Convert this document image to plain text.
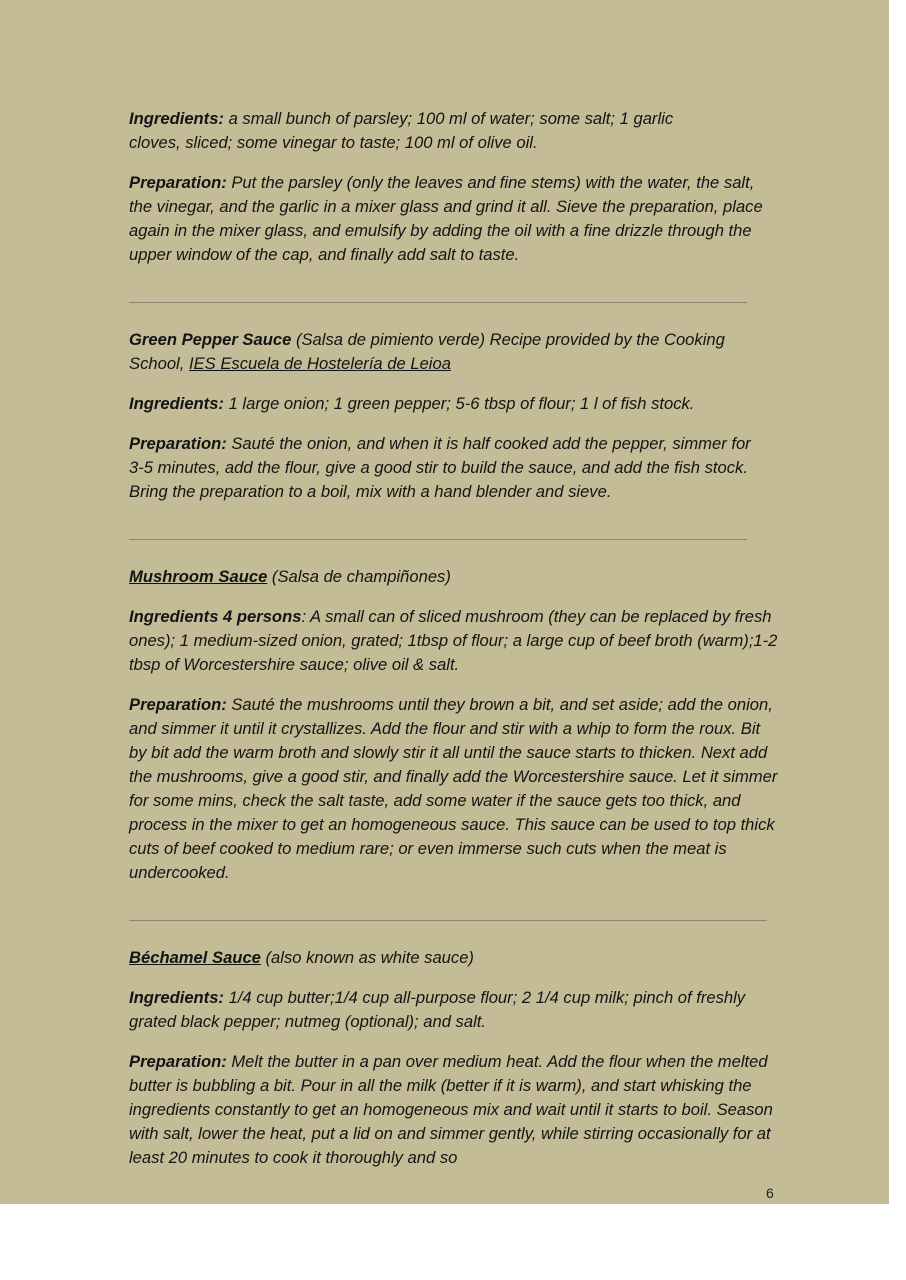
Ingredients: a small bunch of parsley; 100 ml of water; some salt; 1 garlic cloves, sliced; some vinegar to taste; 100 ml of olive oil.

Preparation: Put the parsley (only the leaves and fine stems) with the water, the salt, the vinegar, and the garlic in a mixer glass and grind it all. Sieve the preparation, place again in the mixer glass, and emulsify by adding the oil with a fine drizzle through the upper window of the cap, and finally add salt to taste.

Green Pepper Sauce (Salsa de pimiento verde) Recipe provided by the Cooking School, IES Escuela de Hostelería de Leioa

Ingredients: 1 large onion; 1 green pepper; 5-6 tbsp of flour; 1 l of fish stock.

Preparation: Sauté the onion, and when it is half cooked add the pepper, simmer for 3-5 minutes, add the flour, give a good stir to build the sauce, and add the fish stock. Bring the preparation to a boil, mix with a hand blender and sieve.

Mushroom Sauce (Salsa de champiñones)

Ingredients 4 persons: A small can of sliced mushroom (they can be replaced by fresh ones); 1 medium-sized onion, grated; 1tbsp of flour; a large cup of beef broth (warm);1-2 tbsp of Worcestershire sauce; olive oil & salt.

Preparation: Sauté the mushrooms until they brown a bit, and set aside; add the onion, and simmer it until it crystallizes. Add the flour and stir with a whip to form the roux. Bit by bit add the warm broth and slowly stir it all until the sauce starts to thicken. Next add the mushrooms, give a good stir, and finally add the Worcestershire sauce. Let it simmer for some mins, check the salt taste, add some water if the sauce gets too thick, and process in the mixer to get an homogeneous sauce. This sauce can be used to top thick cuts of beef cooked to medium rare; or even immerse such cuts when the meat is undercooked.

Béchamel Sauce (also known as white sauce)

Ingredients: 1/4 cup butter;1/4 cup all-purpose flour; 2 1/4 cup milk; pinch of freshly grated black pepper; nutmeg (optional); and salt.

Preparation: Melt the butter in a pan over medium heat. Add the flour when the melted butter is bubbling a bit. Pour in all the milk (better if it is warm), and start whisking the ingredients constantly to get an homogeneous mix and wait until it starts to boil. Season with salt, lower the heat, put a lid on and simmer gently, while stirring occasionally for at least 20 minutes to cook it thoroughly and so

6
